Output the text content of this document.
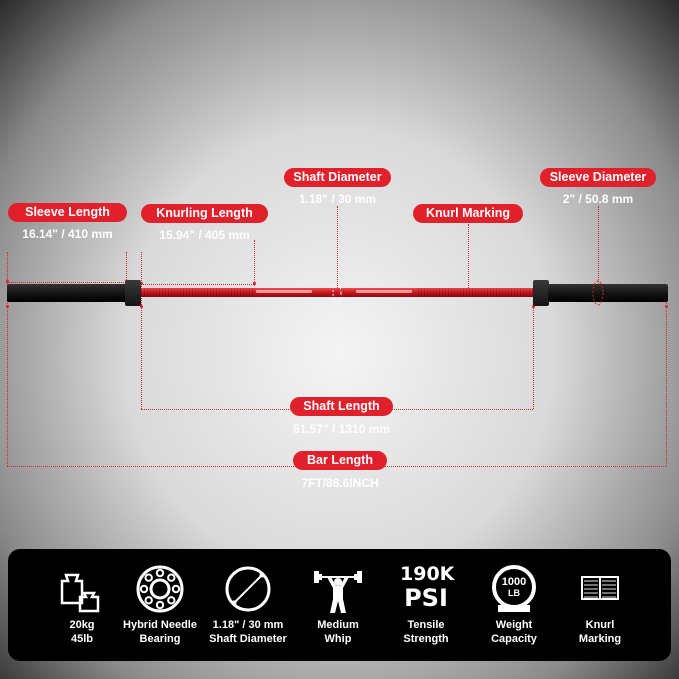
Sleeve Length
16.14" / 410 mm
Knurling Length
15.94" / 405 mm
Shaft Diameter
1.18" / 30 mm
Knurl Marking
Sleeve Diameter
2" / 50.8 mm
Shaft Length
51.57" / 1310 mm
Bar Length
7FT/86.6INCH
20kg
45lb
Hybrid Needle
Bearing
1.18" / 30 mm
Shaft Diameter
Medium
Whip
190K
PSI
Tensile
Strength
1000
LB
Weight
Capacity
Knurl
Marking
